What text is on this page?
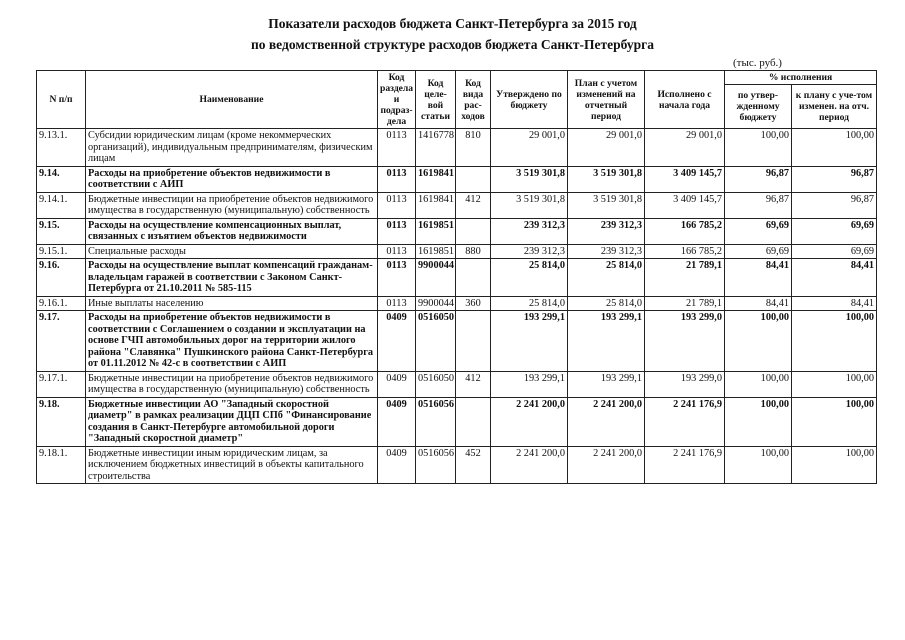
Показатели расходов бюджета Санкт-Петербурга за 2015 год
по ведомственной структуре расходов бюджета Санкт-Петербурга
(тыс. руб.)
N п/п	Наименование	Код раздела и подраз-дела	Код целе-вой статьи	Код вида рас-ходов	Утверждено по бюджету	План с учетом изменений на отчетный период	Исполнено с начала года	% исполнения	
								по утвер-жденному бюджету	к плану с уче-том изменен. на отч. период
9.13.1.	Субсидии юридическим лицам (кроме некоммерческих организаций), индивидуальным предпринимателям, физическим лицам	0113	1416778	810	29 001,0	29 001,0	29 001,0	100,00	100,00
9.14.	Расходы на приобретение объектов недвижимости в соответствии с АИП	0113	1619841		3 519 301,8	3 519 301,8	3 409 145,7	96,87	96,87
9.14.1.	Бюджетные инвестиции на приобретение объектов недвижимого имущества в государственную (муниципальную) собственность	0113	1619841	412	3 519 301,8	3 519 301,8	3 409 145,7	96,87	96,87
9.15.	Расходы на осуществление компенсационных выплат, связанных с изъятием объектов недвижимости	0113	1619851		239 312,3	239 312,3	166 785,2	69,69	69,69
9.15.1.	Специальные расходы	0113	1619851	880	239 312,3	239 312,3	166 785,2	69,69	69,69
9.16.	Расходы на осуществление выплат компенсаций гражданам-владельцам гаражей в соответствии с Законом Санкт-Петербурга от 21.10.2011 № 585-115	0113	9900044		25 814,0	25 814,0	21 789,1	84,41	84,41
9.16.1.	Иные выплаты населению	0113	9900044	360	25 814,0	25 814,0	21 789,1	84,41	84,41
9.17.	Расходы на приобретение объектов недвижимости в соответствии с Соглашением о создании и эксплуатации на основе ГЧП автомобильных дорог на территории жилого района "Славянка" Пушкинского района Санкт-Петербурга от 01.11.2012 № 42-с в соответствии с АИП	0409	0516050		193 299,1	193 299,1	193 299,0	100,00	100,00
9.17.1.	Бюджетные инвестиции на приобретение объектов недвижимого имущества в государственную (муниципальную) собственность	0409	0516050	412	193 299,1	193 299,1	193 299,0	100,00	100,00
9.18.	Бюджетные инвестиции АО "Западный скоростной диаметр" в рамках реализации ДЦП СПб "Финансирование создания в Санкт-Петербурге автомобильной дороги "Западный скоростной диаметр"	0409	0516056		2 241 200,0	2 241 200,0	2 241 176,9	100,00	100,00
9.18.1.	Бюджетные инвестиции иным юридическим лицам, за исключением бюджетных инвестиций в объекты капитального строительства	0409	0516056	452	2 241 200,0	2 241 200,0	2 241 176,9	100,00	100,00
